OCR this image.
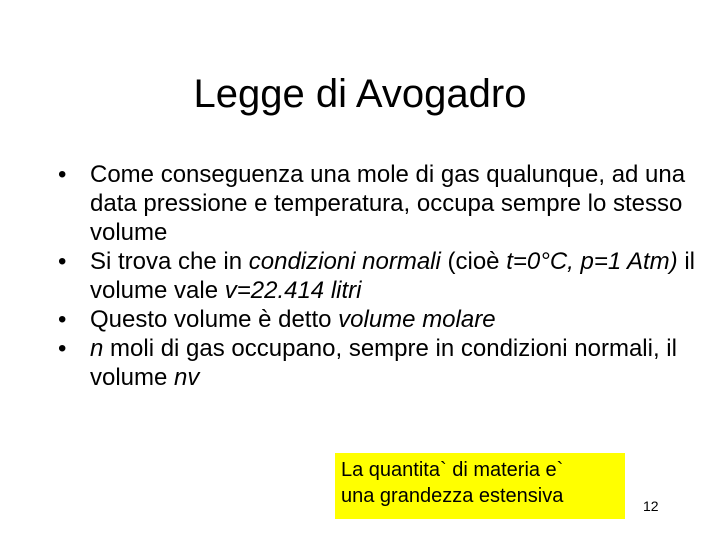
Legge di Avogadro
• Come conseguenza una mole di gas qualunque, ad una data pressione e temperatura, occupa sempre lo stesso volume
• Si trova che in condizioni normali (cioè t=0°C, p=1 Atm) il volume vale v=22.414 litri
• Questo volume è detto volume molare
• n moli di gas occupano, sempre in condizioni normali, il volume nv
La quantita` di materia e`
una grandezza estensiva	12
